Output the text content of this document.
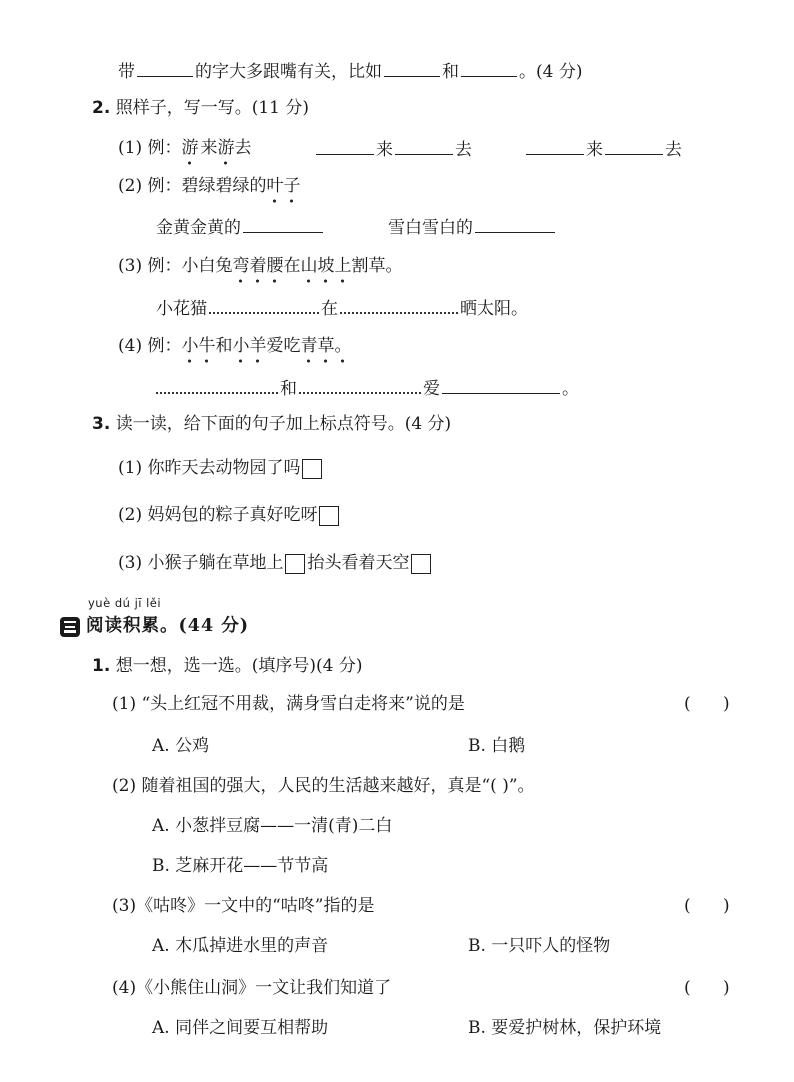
带	的字大多跟嘴有关，比如	和	。(4 分)
2. 照样子，写一写。(11 分)
(1) 例：游来游去	来	去	来	去
(2) 例：碧绿碧绿的叶子
金黄金黄的	雪白雪白的
(3) 例：小白兔弯着腰在山坡上割草。
小花猫	在	晒太阳。
(4) 例：小牛和小羊爱吃青草。
和	爱	。
3. 读一读，给下面的句子加上标点符号。(4 分)
(1) 你昨天去动物园了吗
(2) 妈妈包的粽子真好吃呀
(3) 小猴子躺在草地上 抬头看着天空
yuè dú jī lěi
阅读积累。(44 分)
1. 想一想，选一选。(填序号)(4 分)
(1) “头上红冠不用裁，满身雪白走将来”说的是	(      )
A. 公鸡	B. 白鹅
(2) 随着祖国的强大，人民的生活越来越好，真是“( )”。
A. 小葱拌豆腐——一清(青)二白
B. 芝麻开花——节节高
(3)《咕咚》一文中的“咕咚”指的是	(      )
A. 木瓜掉进水里的声音	B. 一只吓人的怪物
(4)《小熊住山洞》一文让我们知道了	(      )
A. 同伴之间要互相帮助	B. 要爱护树林，保护环境
